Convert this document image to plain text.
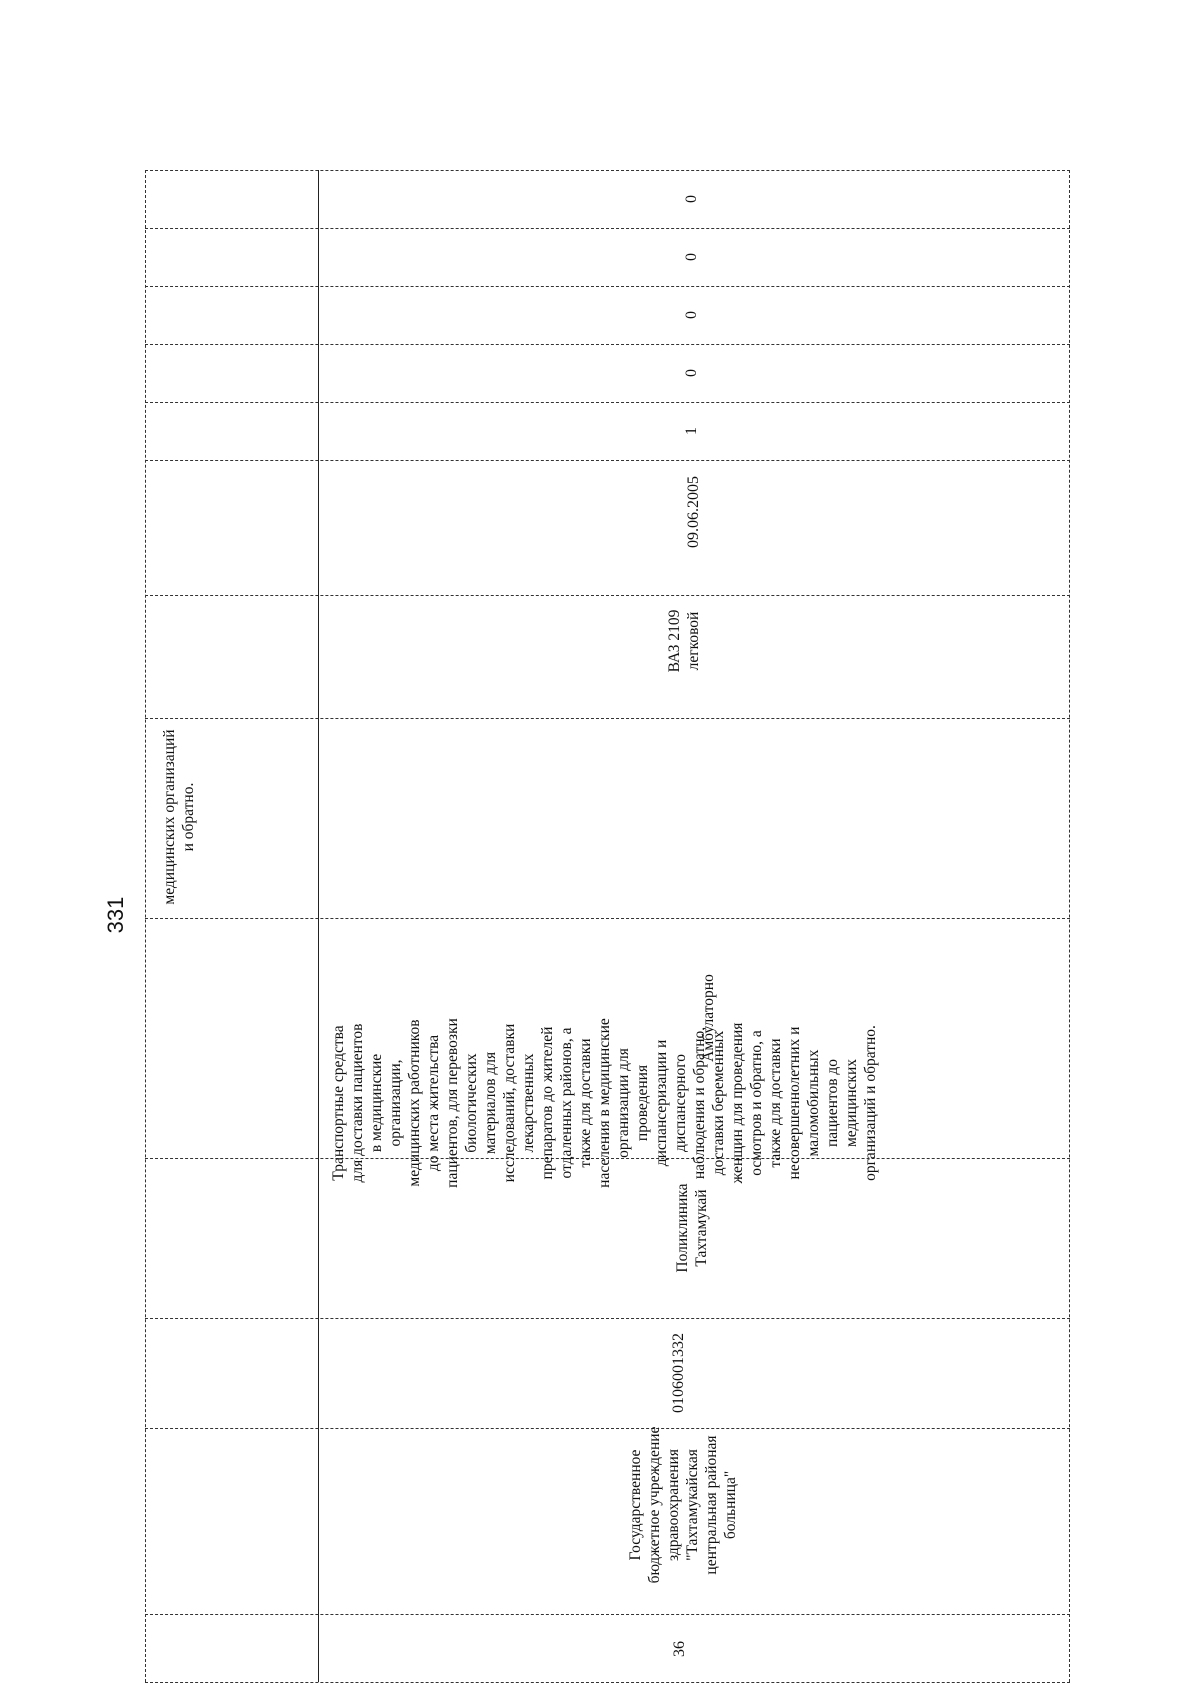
331
медицинских организаций и обратно.
36
Государственное бюджетное учреждение здравоохранения "Тахтамукайская центральная районая больница"
0106001332
Поликлиника Тахтамукай
Амбулаторно
Транспортные средства для доставки пациентов в медицинские организации, медицинских работников до места жительства пациентов, для перевозки биологических материалов для исследований, доставки лекарственных препаратов до жителей отдаленных районов, а также для доставки населения в медицинские организации для проведения диспансеризации и диспансерного наблюдения и обратно, доставки беременных женщин для проведения осмотров и обратно, а также для доставки несовершеннолетних и маломобильных пациентов до медицинских организаций и обратно.
ВАЗ 2109 легковой
09.06.2005
1
0
0
0
0
